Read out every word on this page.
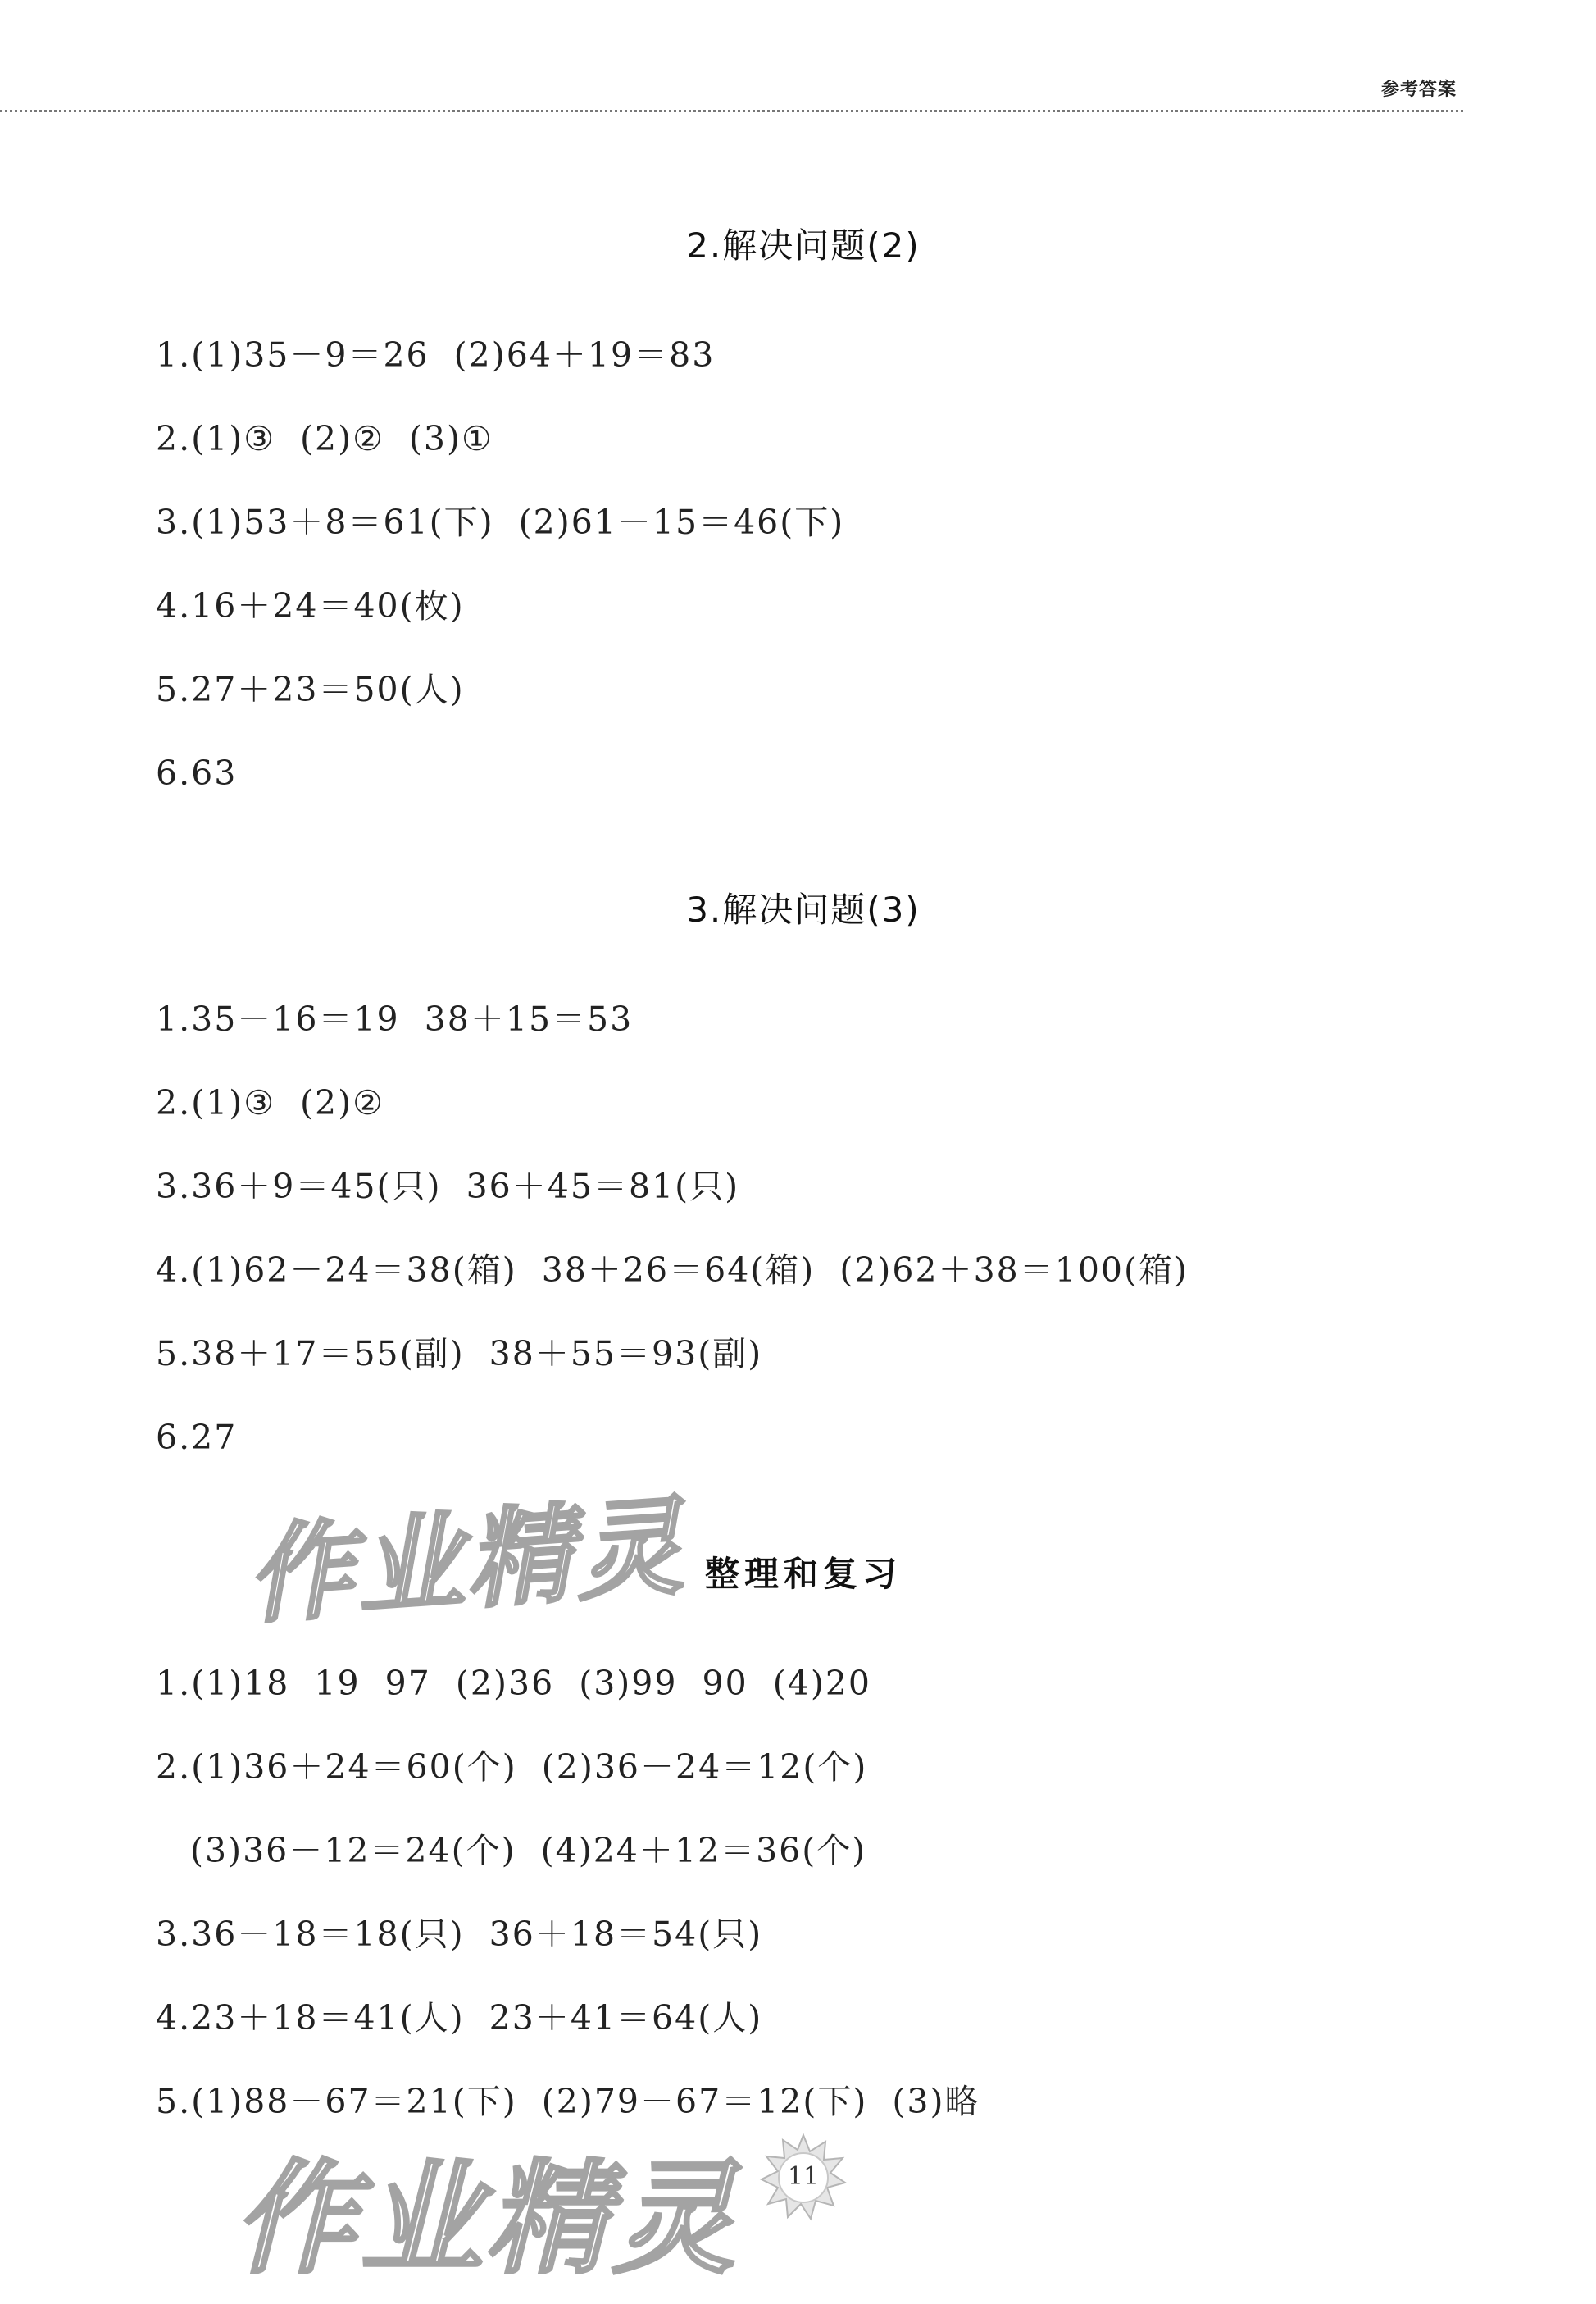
参考答案
2.解决问题(2)
1.(1)35－9＝26  (2)64＋19＝83
2.(1)③  (2)②  (3)①
3.(1)53＋8＝61(下)  (2)61－15＝46(下)
4.16＋24＝40(枚)
5.27＋23＝50(人)
6.63
3.解决问题(3)
1.35－16＝19  38＋15＝53
2.(1)③  (2)②
3.36＋9＝45(只)  36＋45＝81(只)
4.(1)62－24＝38(箱)  38＋26＝64(箱)  (2)62＋38＝100(箱)
5.38＋17＝55(副)  38＋55＝93(副)
6.27
整理和复习
1.(1)18  19  97  (2)36  (3)99  90  (4)20
2.(1)36＋24＝60(个)  (2)36－24＝12(个)
(3)36－12＝24(个)  (4)24＋12＝36(个)
3.36－18＝18(只)  36＋18＝54(只)
4.23＋18＝41(人)  23＋41＝64(人)
5.(1)88－67＝21(下)  (2)79－67＝12(下)  (3)略
作业精灵
作业精灵	11
